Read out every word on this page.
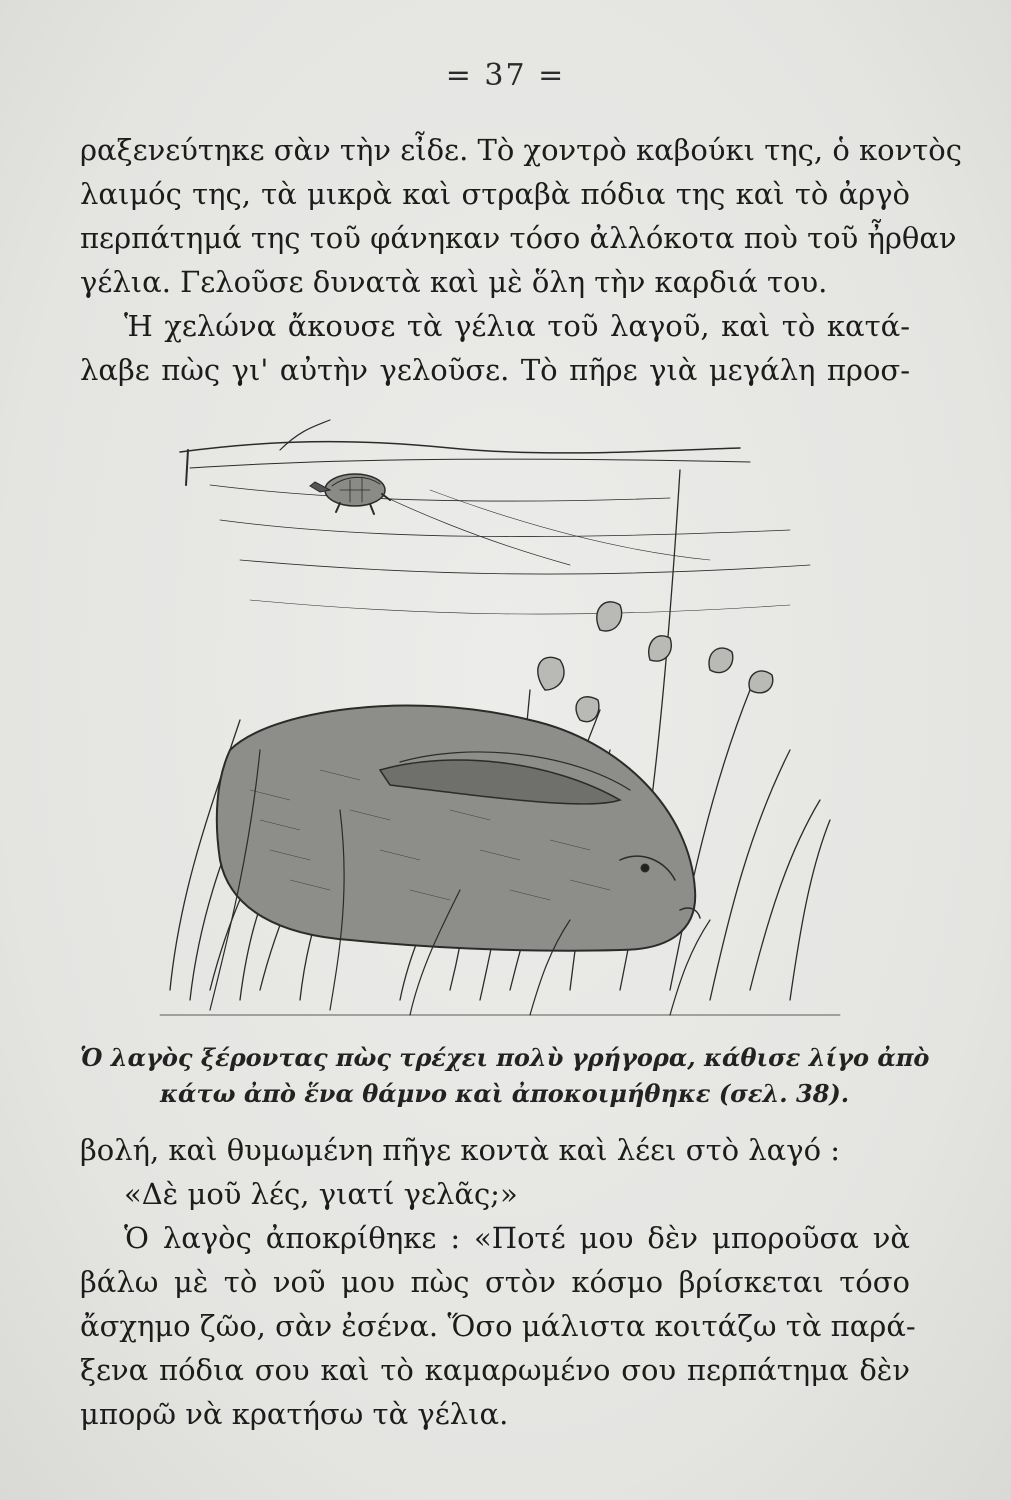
= 37 =
ραξενεύτηκε σὰν τὴν εἶδε. Τὸ χοντρὸ καβούκι της, ὁ κοντὸς
λαιμός της, τὰ μικρὰ καὶ στραβὰ πόδια της καὶ τὸ ἀργὸ
περπάτημά της τοῦ φάνηκαν τόσο ἀλλόκοτα ποὺ τοῦ ἦρθαν
γέλια. Γελοῦσε δυνατὰ καὶ μὲ ὅλη τὴν καρδιά του.
Ἡ χελώνα ἄκουσε τὰ γέλια τοῦ λαγοῦ, καὶ τὸ κατά-
λαβε πὼς γι' αὐτὴν γελοῦσε. Τὸ πῆρε γιὰ μεγάλη προσ-
Ὁ λαγὸς ξέροντας πὼς τρέχει πολὺ γρήγορα, κάθισε λίγο ἀπὸ
κάτω ἀπὸ ἕνα θάμνο καὶ ἀποκοιμήθηκε (σελ. 38).
βολή, καὶ θυμωμένη πῆγε κοντὰ καὶ λέει στὸ λαγό :
«Δὲ μοῦ λές, γιατί γελᾶς;»
Ὁ λαγὸς ἀποκρίθηκε : «Ποτέ μου δὲν μποροῦσα νὰ
βάλω μὲ τὸ νοῦ μου πὼς στὸν κόσμο βρίσκεται τόσο
ἄσχημο ζῶο, σὰν ἐσένα. Ὅσο μάλιστα κοιτάζω τὰ παρά-
ξενα πόδια σου καὶ τὸ καμαρωμένο σου περπάτημα δὲν
μπορῶ νὰ κρατήσω τὰ γέλια.
